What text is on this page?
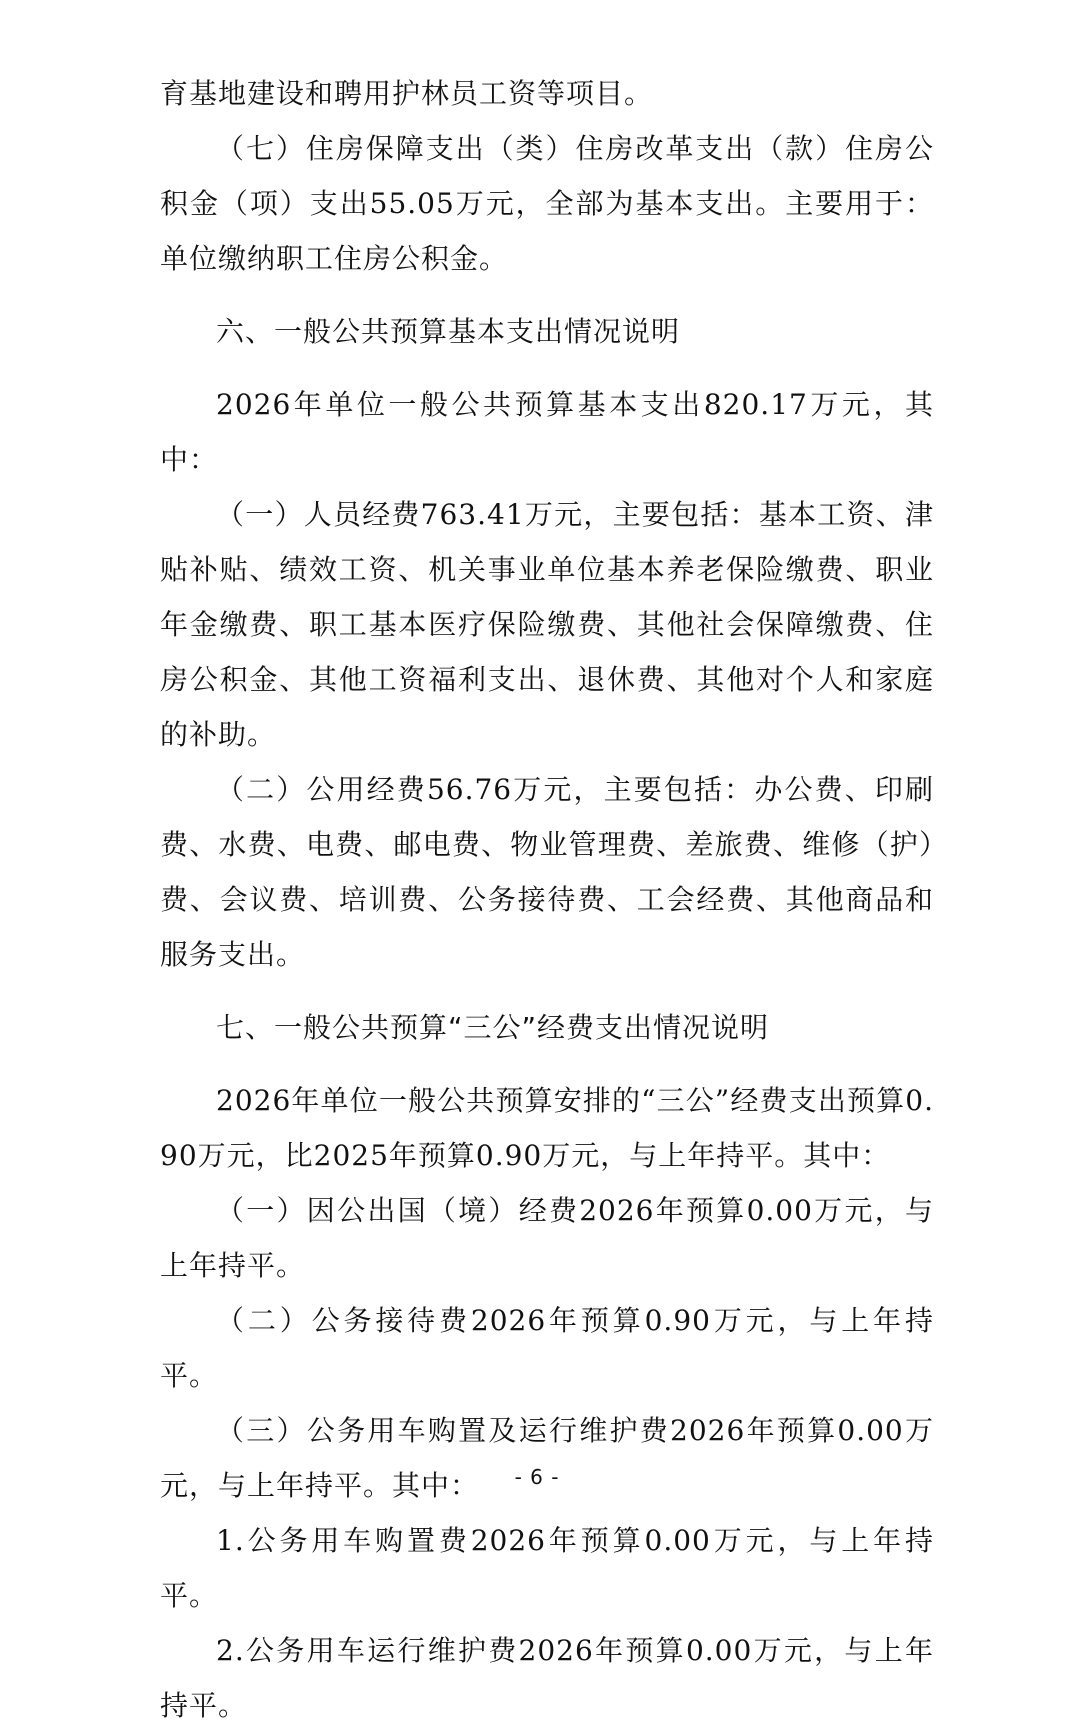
育基地建设和聘用护林员工资等项目。

（七）住房保障支出（类）住房改革支出（款）住房公积金（项）支出55.05万元，全部为基本支出。主要用于：单位缴纳职工住房公积金。

六、一般公共预算基本支出情况说明

2026年单位一般公共预算基本支出820.17万元，其中：

（一）人员经费763.41万元，主要包括：基本工资、津贴补贴、绩效工资、机关事业单位基本养老保险缴费、职业年金缴费、职工基本医疗保险缴费、其他社会保障缴费、住房公积金、其他工资福利支出、退休费、其他对个人和家庭的补助。

（二）公用经费56.76万元，主要包括：办公费、印刷费、水费、电费、邮电费、物业管理费、差旅费、维修（护）费、会议费、培训费、公务接待费、工会经费、其他商品和服务支出。

七、一般公共预算“三公”经费支出情况说明

2026年单位一般公共预算安排的“三公”经费支出预算0.90万元，比2025年预算0.90万元，与上年持平。其中：

（一）因公出国（境）经费2026年预算0.00万元，与上年持平。

（二）公务接待费2026年预算0.90万元，与上年持平。

（三）公务用车购置及运行维护费2026年预算0.00万元，与上年持平。其中：

1.公务用车购置费2026年预算0.00万元，与上年持平。

2.公务用车运行维护费2026年预算0.00万元，与上年持平。

- 6 -
